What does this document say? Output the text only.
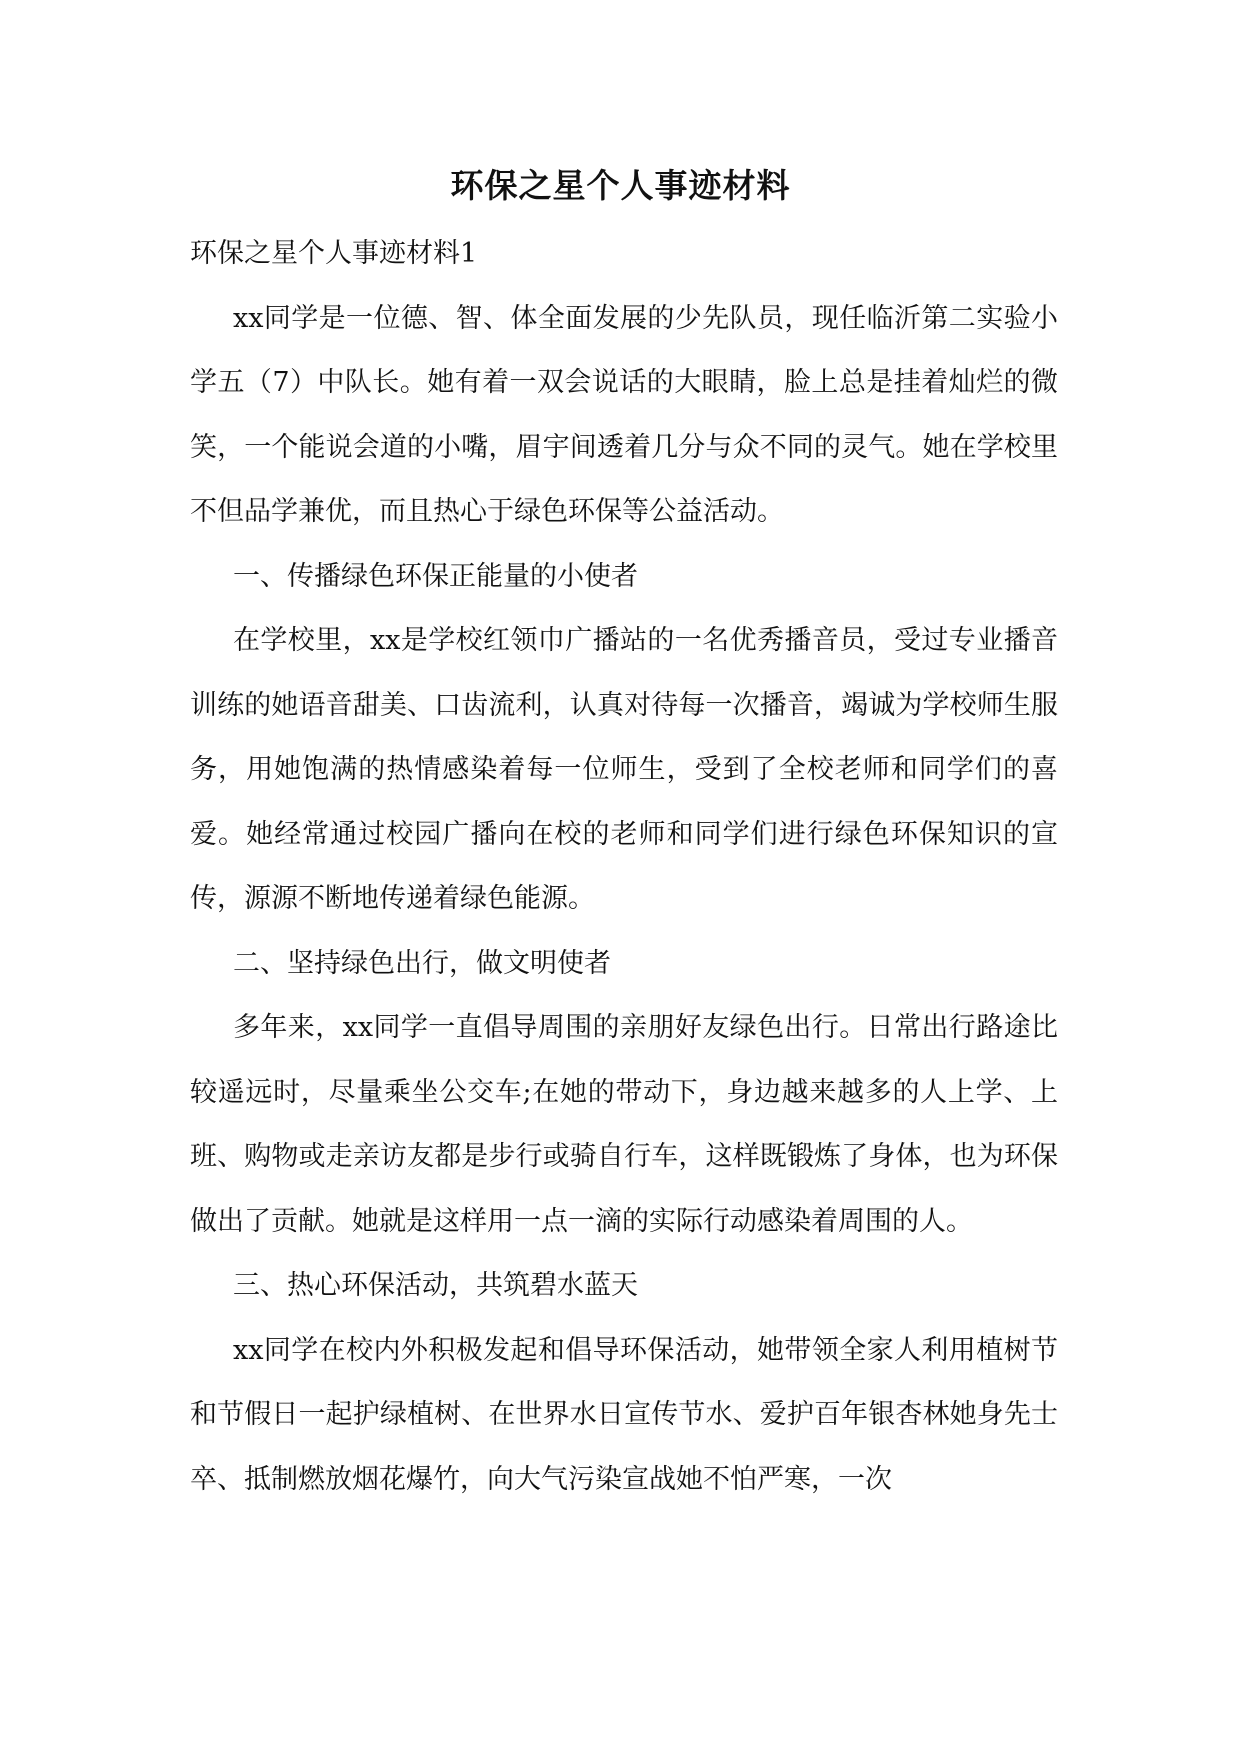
环保之星个人事迹材料

环保之星个人事迹材料1

xx同学是一位德、智、体全面发展的少先队员，现任临沂第二实验小学五（7）中队长。她有着一双会说话的大眼睛，脸上总是挂着灿烂的微笑，一个能说会道的小嘴，眉宇间透着几分与众不同的灵气。她在学校里不但品学兼优，而且热心于绿色环保等公益活动。

一、传播绿色环保正能量的小使者

在学校里，xx是学校红领巾广播站的一名优秀播音员，受过专业播音训练的她语音甜美、口齿流利，认真对待每一次播音，竭诚为学校师生服务，用她饱满的热情感染着每一位师生，受到了全校老师和同学们的喜爱。她经常通过校园广播向在校的老师和同学们进行绿色环保知识的宣传，源源不断地传递着绿色能源。

二、坚持绿色出行，做文明使者

多年来，xx同学一直倡导周围的亲朋好友绿色出行。日常出行路途比较遥远时，尽量乘坐公交车;在她的带动下，身边越来越多的人上学、上班、购物或走亲访友都是步行或骑自行车，这样既锻炼了身体，也为环保做出了贡献。她就是这样用一点一滴的实际行动感染着周围的人。

三、热心环保活动，共筑碧水蓝天

xx同学在校内外积极发起和倡导环保活动，她带领全家人利用植树节和节假日一起护绿植树、在世界水日宣传节水、爱护百年银杏林她身先士卒、抵制燃放烟花爆竹，向大气污染宣战她不怕严寒，一次
